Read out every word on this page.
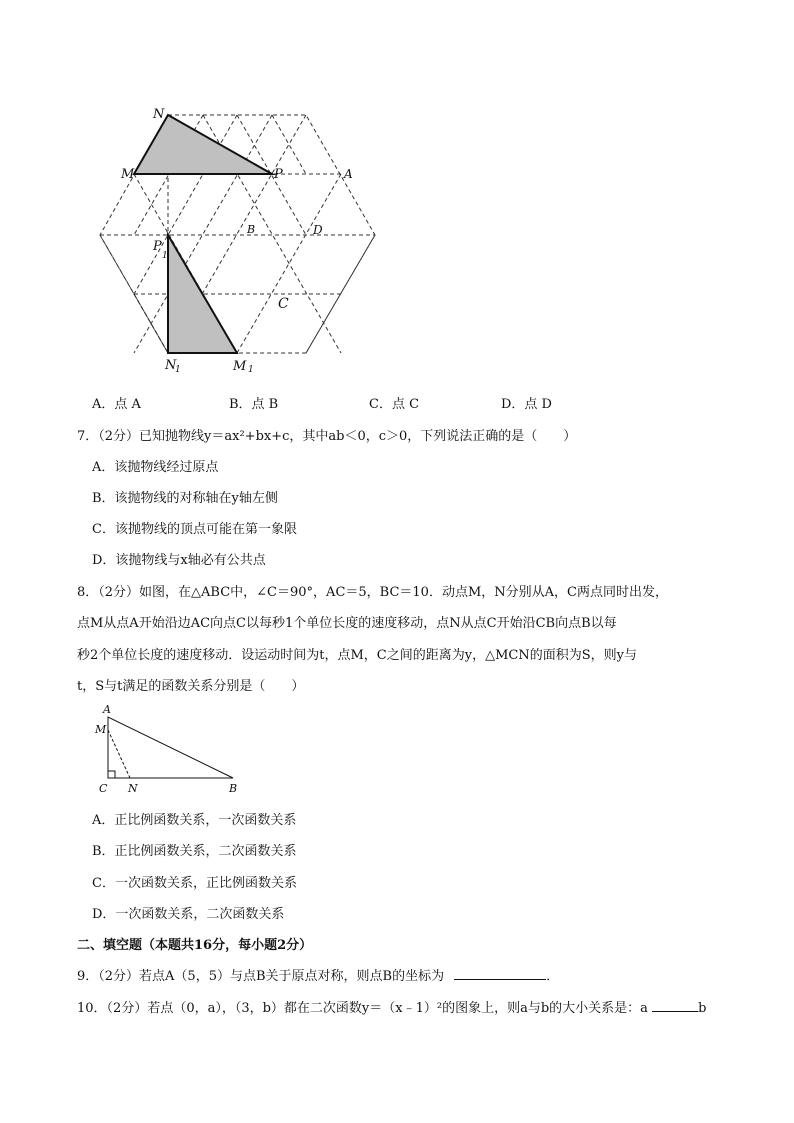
N
M	P	A
B	D
C
P
1
N
1	M 1
A．点 A	B．点 B	C．点 C	D．点 D
7．（2分）已知抛物线y＝ax²+bx+c，其中ab＜0，c＞0，下列说法正确的是（　　）
A．该抛物线经过原点
B．该抛物线的对称轴在y轴左侧
C．该抛物线的顶点可能在第一象限
D．该抛物线与x轴必有公共点
8．（2分）如图，在△ABC中，∠C＝90°，AC＝5，BC＝10．动点M，N分别从A，C两点同时出发，
点M从点A开始沿边AC向点C以每秒1个单位长度的速度移动，点N从点C开始沿CB向点B以每
秒2个单位长度的速度移动．设运动时间为t，点M，C之间的距离为y，△MCN的面积为S，则y与
t，S与t满足的函数关系分别是（　　）
A
M
C N	B
A．正比例函数关系，一次函数关系
B．正比例函数关系，二次函数关系
C．一次函数关系，正比例函数关系
D．一次函数关系，二次函数关系
二、填空题（本题共16分，每小题2分）
9．（2分）若点A（5，5）与点B关于原点对称，则点B的坐标为	．
10．（2分）若点（0，a），（3，b）都在二次函数y＝（x﹣1）²的图象上，则a与b的大小关系是：a	b
